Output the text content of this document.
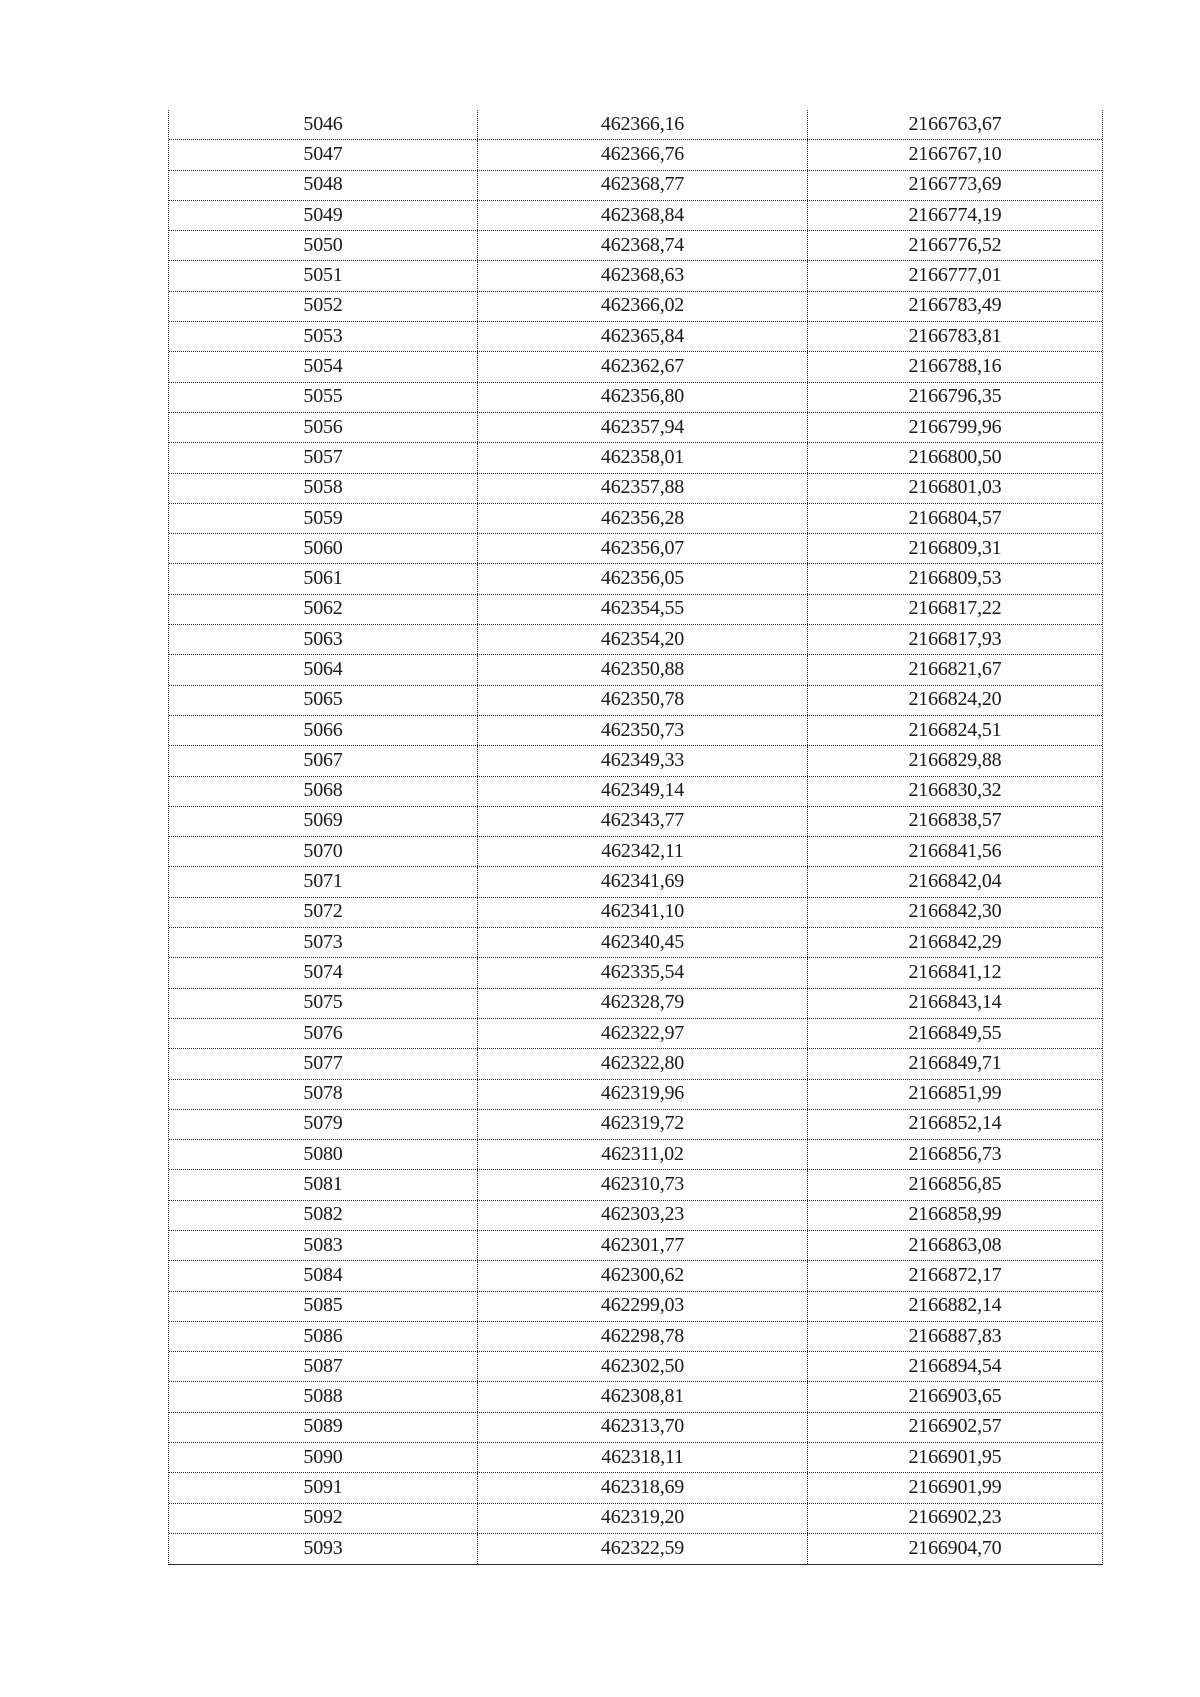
5046	462366,16	2166763,67
5047	462366,76	2166767,10
5048	462368,77	2166773,69
5049	462368,84	2166774,19
5050	462368,74	2166776,52
5051	462368,63	2166777,01
5052	462366,02	2166783,49
5053	462365,84	2166783,81
5054	462362,67	2166788,16
5055	462356,80	2166796,35
5056	462357,94	2166799,96
5057	462358,01	2166800,50
5058	462357,88	2166801,03
5059	462356,28	2166804,57
5060	462356,07	2166809,31
5061	462356,05	2166809,53
5062	462354,55	2166817,22
5063	462354,20	2166817,93
5064	462350,88	2166821,67
5065	462350,78	2166824,20
5066	462350,73	2166824,51
5067	462349,33	2166829,88
5068	462349,14	2166830,32
5069	462343,77	2166838,57
5070	462342,11	2166841,56
5071	462341,69	2166842,04
5072	462341,10	2166842,30
5073	462340,45	2166842,29
5074	462335,54	2166841,12
5075	462328,79	2166843,14
5076	462322,97	2166849,55
5077	462322,80	2166849,71
5078	462319,96	2166851,99
5079	462319,72	2166852,14
5080	462311,02	2166856,73
5081	462310,73	2166856,85
5082	462303,23	2166858,99
5083	462301,77	2166863,08
5084	462300,62	2166872,17
5085	462299,03	2166882,14
5086	462298,78	2166887,83
5087	462302,50	2166894,54
5088	462308,81	2166903,65
5089	462313,70	2166902,57
5090	462318,11	2166901,95
5091	462318,69	2166901,99
5092	462319,20	2166902,23
5093	462322,59	2166904,70
